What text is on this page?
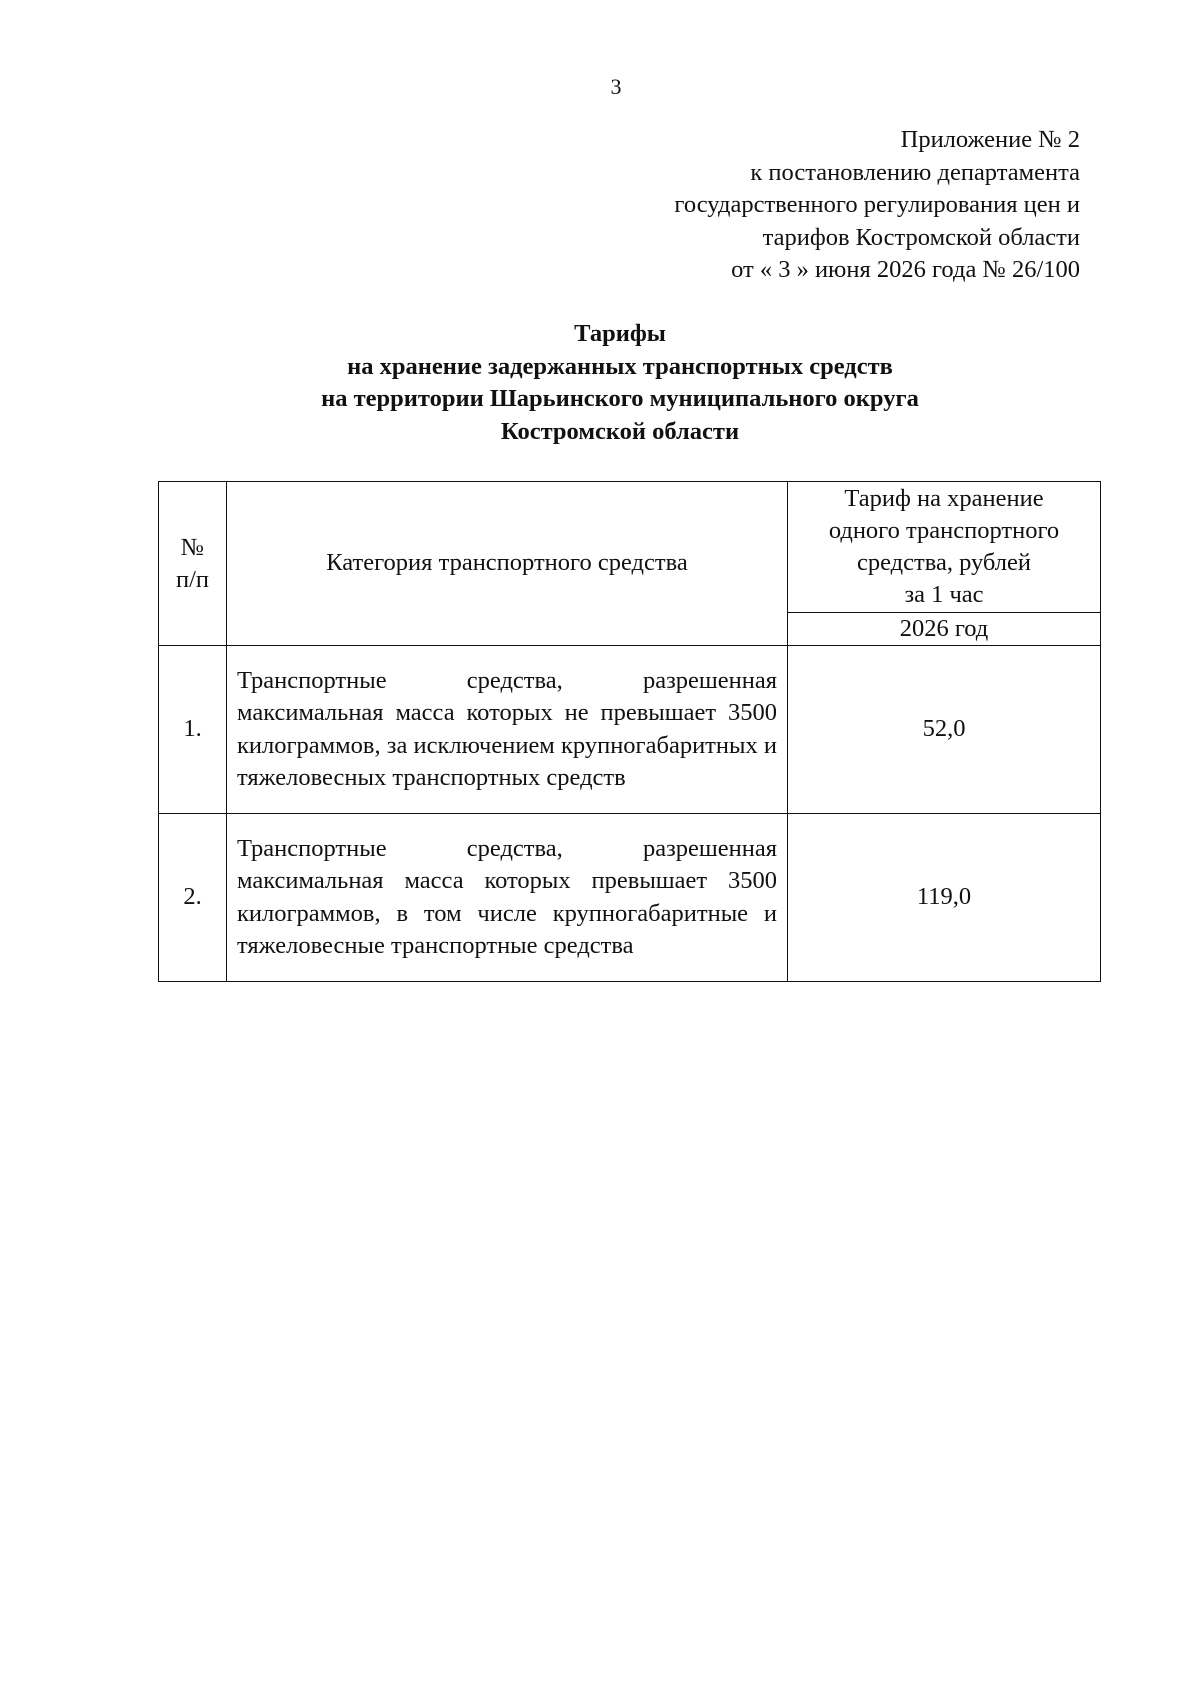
3
Приложение № 2
к постановлению департамента
государственного регулирования цен и
тарифов Костромской области
от « 3 » июня 2026 года № 26/100
Тарифы
на хранение задержанных транспортных средств
на территории Шарьинского муниципального округа
Костромской области
№
п/п	Категория транспортного средства	Тариф на хранение
одного транспортного
средства, рублей
за 1 час
		2026 год
1.	Транспортные средства, разрешенная максимальная масса которых не превышает 3500 килограммов, за исключением крупногабаритных и тяжеловесных транспортных средств	52,0
2.	Транспортные средства, разрешенная максимальная масса которых превышает 3500 килограммов, в том числе крупногабаритные и тяжеловесные транспортные средства	119,0
